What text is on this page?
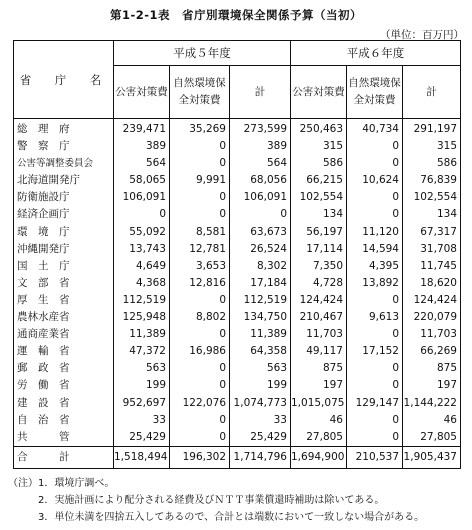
第1-2-1表　省庁別環境保全関係予算（当初）
（単位：百万円）
省　庁　名	平成５年度			平成６年度		
	公害対策費	自然環境保全対策費	計	公害対策費	自然環境保全対策費	計
総　理　府	239,471	35,269	273,599	250,463	40,734	291,197
警　察　庁	389	0	389	315	0	315
公害等調整委員会	564	0	564	586	0	586
北海道開発庁	58,065	9,991	68,056	66,215	10,624	76,839
防衛施設庁	106,091	0	106,091	102,554	0	102,554
経済企画庁	0	0	0	134	0	134
環　境　庁	55,092	8,581	63,673	56,197	11,120	67,317
沖縄開発庁	13,743	12,781	26,524	17,114	14,594	31,708
国　土　庁	4,649	3,653	8,302	7,350	4,395	11,745
文　部　省	4,368	12,816	17,184	4,728	13,892	18,620
厚　生　省	112,519	0	112,519	124,424	0	124,424
農林水産省	125,948	8,802	134,750	210,467	9,613	220,079
通商産業省	11,389	0	11,389	11,703	0	11,703
運　輸　省	47,372	16,986	64,358	49,117	17,152	66,269
郵　政　省	563	0	563	875	0	875
労　働　省	199	0	199	197	0	197
建　設　省	952,697	122,076	1,074,773	1,015,075	129,147	1,144,222
自　治　省	33	0	33	46	0	46
共　　　管	25,429	0	25,429	27,805	0	27,805
合　　　計	1,518,494	196,302	1,714,796	1,694,900	210,537	1,905,437
（注）1．環境庁調べ。
　　　2．実施計画により配分される経費及びＮＴＴ事業償還時補助は除いてある。
　　　3．単位未満を四捨五入してあるので、合計とは端数において一致しない場合がある。
